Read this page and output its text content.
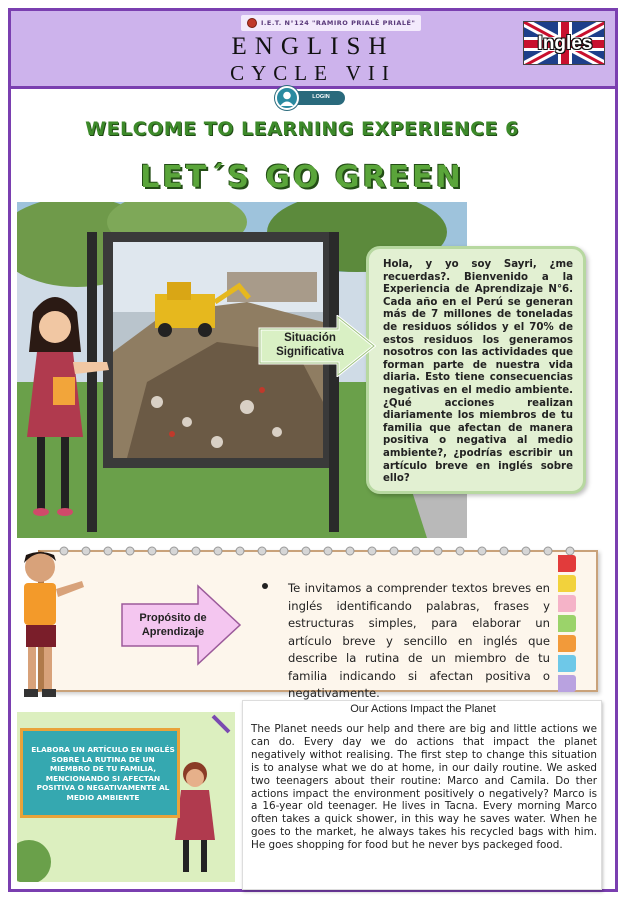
I.E.T. N°124 "RAMIRO PRIALÉ PRIALÉ"
ENGLISH
CYCLE VII
Ingles
LOGIN
WELCOME TO LEARNING EXPERIENCE 6
LET´S GO GREEN

Hola, y yo soy Sayri, ¿me recuerdas?. Bienvenido a la Experiencia de Aprendizaje N°6. Cada año en el Perú se generan más de 7 millones de toneladas de residuos sólidos y el 70% de estos residuos los generamos nosotros con las actividades que forman parte de nuestra vida diaria. Esto tiene consecuencias negativas en el medio ambiente. ¿Qué acciones realizan diariamente los miembros de tu familia que afectan de manera positiva o negativa al medio ambiente?, ¿podrías escribir un artículo breve en inglés sobre ello?

Situación Significativa
Propósito de Aprendizaje
Te invitamos a comprender textos breves en inglés identificando palabras, frases y estructuras simples, para elaborar un artículo breve y sencillo en inglés que describe la rutina de un miembro de tu familia indicando si afectan positiva o negativamente.

ELABORA UN ARTÍCULO EN INGLÉS SOBRE LA RUTINA DE UN MIEMBRO DE TU FAMILIA, MENCIONANDO SI AFECTAN POSITIVA O NEGATIVAMENTE AL MEDIO AMBIENTE

Our Actions Impact the Planet
The Planet needs our help and there are big and little actions we can do. Every day we do actions that impact the planet negatively withot realising. The first step to change this situation is to analyse what we do at home, in our daily routine. We asked two teenagers about their routine: Marco and Camila. Do ther actions impact the environment positively o negatively? Marco is a 16-year old teenager. He lives in Tacna. Every morning Marco often takes a quick shower, in this way he saves water. When he goes to the market, he always takes his recycled bags with him. He goes shopping for food but he never bys packeged food.
